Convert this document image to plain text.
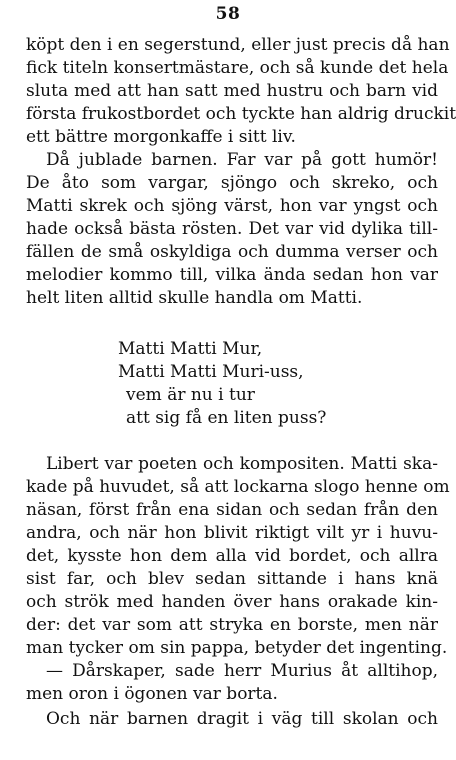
58
köpt den i en segerstund, eller just precis då han
fick titeln konsertmästare, och så kunde det hela
sluta med att han satt med hustru och barn vid
första frukostbordet och tyckte han aldrig druckit
ett bättre morgonkaffe i sitt liv.
Då jublade barnen. Far var på gott humör!
De åto som vargar, sjöngo och skreko, och
Matti skrek och sjöng värst, hon var yngst och
hade också bästa rösten. Det var vid dylika till-
fällen de små oskyldiga och dumma verser och
melodier kommo till, vilka ända sedan hon var
helt liten alltid skulle handla om Matti.
Matti Matti Mur,
Matti Matti Muri-uss,
vem är nu i tur
att sig få en liten puss?
Libert var poeten och kompositen. Matti ska-
kade på huvudet, så att lockarna slogo henne om
näsan, först från ena sidan och sedan från den
andra, och när hon blivit riktigt vilt yr i huvu-
det, kysste hon dem alla vid bordet, och allra
sist far, och blev sedan sittande i hans knä
och strök med handen över hans orakade kin-
der: det var som att stryka en borste, men när
man tycker om sin pappa, betyder det ingenting.
— Dårskaper, sade herr Murius åt alltihop,
men oron i ögonen var borta.
Och när barnen dragit i väg till skolan och
